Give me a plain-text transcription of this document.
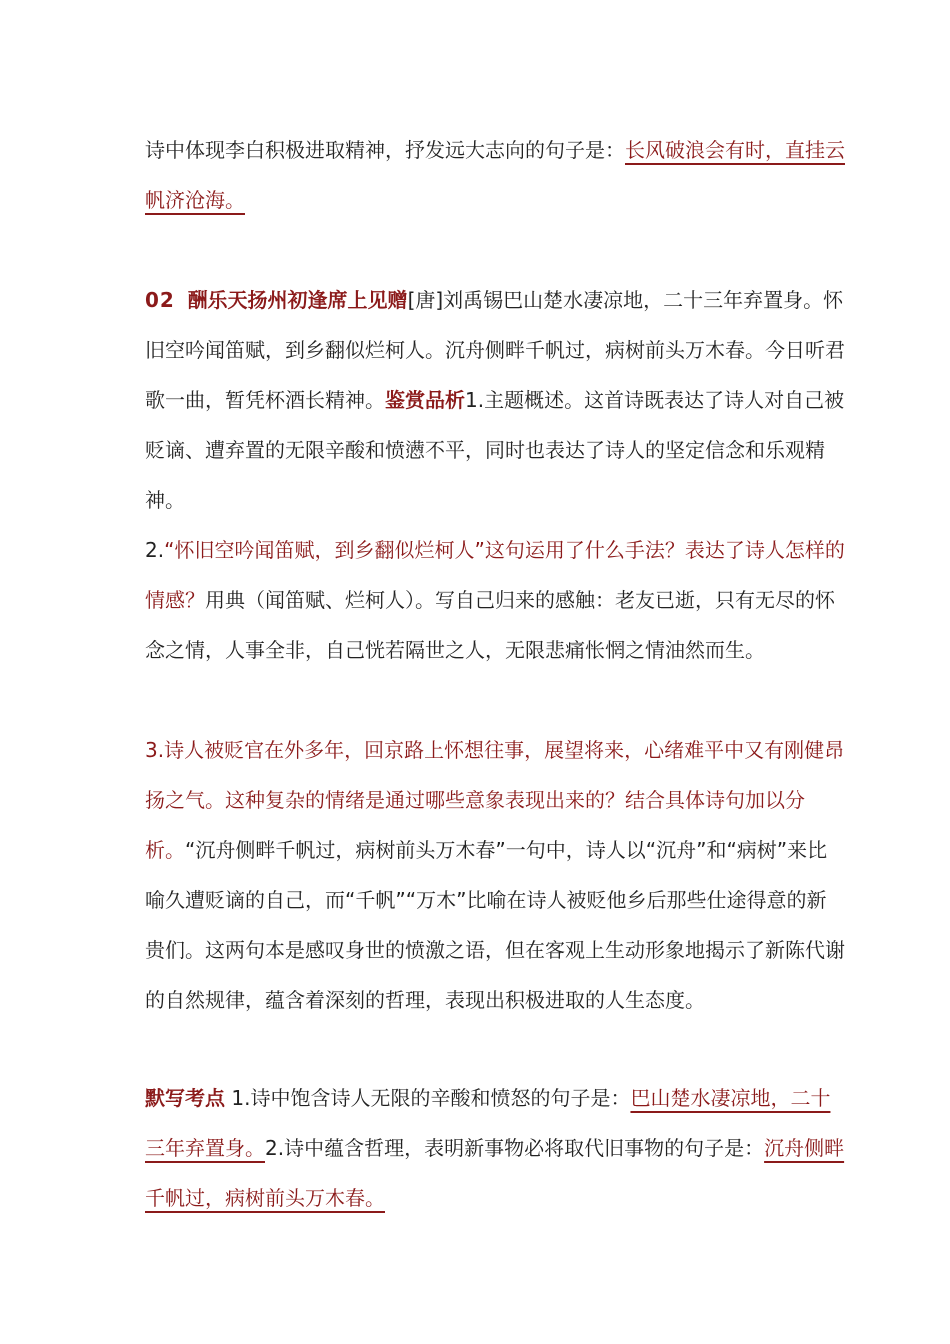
诗中体现李白积极进取精神，抒发远大志向的句子是：长风破浪会有时，直挂云帆济沧海。

02 酬乐天扬州初逢席上见赠[唐]刘禹锡巴山楚水凄凉地，二十三年弃置身。怀旧空吟闻笛赋，到乡翻似烂柯人。沉舟侧畔千帆过，病树前头万木春。今日听君歌一曲，暂凭杯酒长精神。鉴赏品析1.主题概述。这首诗既表达了诗人对自己被贬谪、遭弃置的无限辛酸和愤懑不平，同时也表达了诗人的坚定信念和乐观精神。

2.“怀旧空吟闻笛赋，到乡翻似烂柯人”这句运用了什么手法？表达了诗人怎样的情感？用典（闻笛赋、烂柯人）。写自己归来的感触：老友已逝，只有无尽的怀念之情，人事全非，自己恍若隔世之人，无限悲痛怅惘之情油然而生。

3.诗人被贬官在外多年，回京路上怀想往事，展望将来，心绪难平中又有刚健昂扬之气。这种复杂的情绪是通过哪些意象表现出来的？结合具体诗句加以分析。“沉舟侧畔千帆过，病树前头万木春”一句中，诗人以“沉舟”和“病树”来比喻久遭贬谪的自己，而“千帆”“万木”比喻在诗人被贬他乡后那些仕途得意的新贵们。这两句本是感叹身世的愤激之语，但在客观上生动形象地揭示了新陈代谢的自然规律，蕴含着深刻的哲理，表现出积极进取的人生态度。

默写考点 1.诗中饱含诗人无限的辛酸和愤怒的句子是：巴山楚水凄凉地，二十三年弃置身。2.诗中蕴含哲理，表明新事物必将取代旧事物的句子是：沉舟侧畔千帆过，病树前头万木春。
